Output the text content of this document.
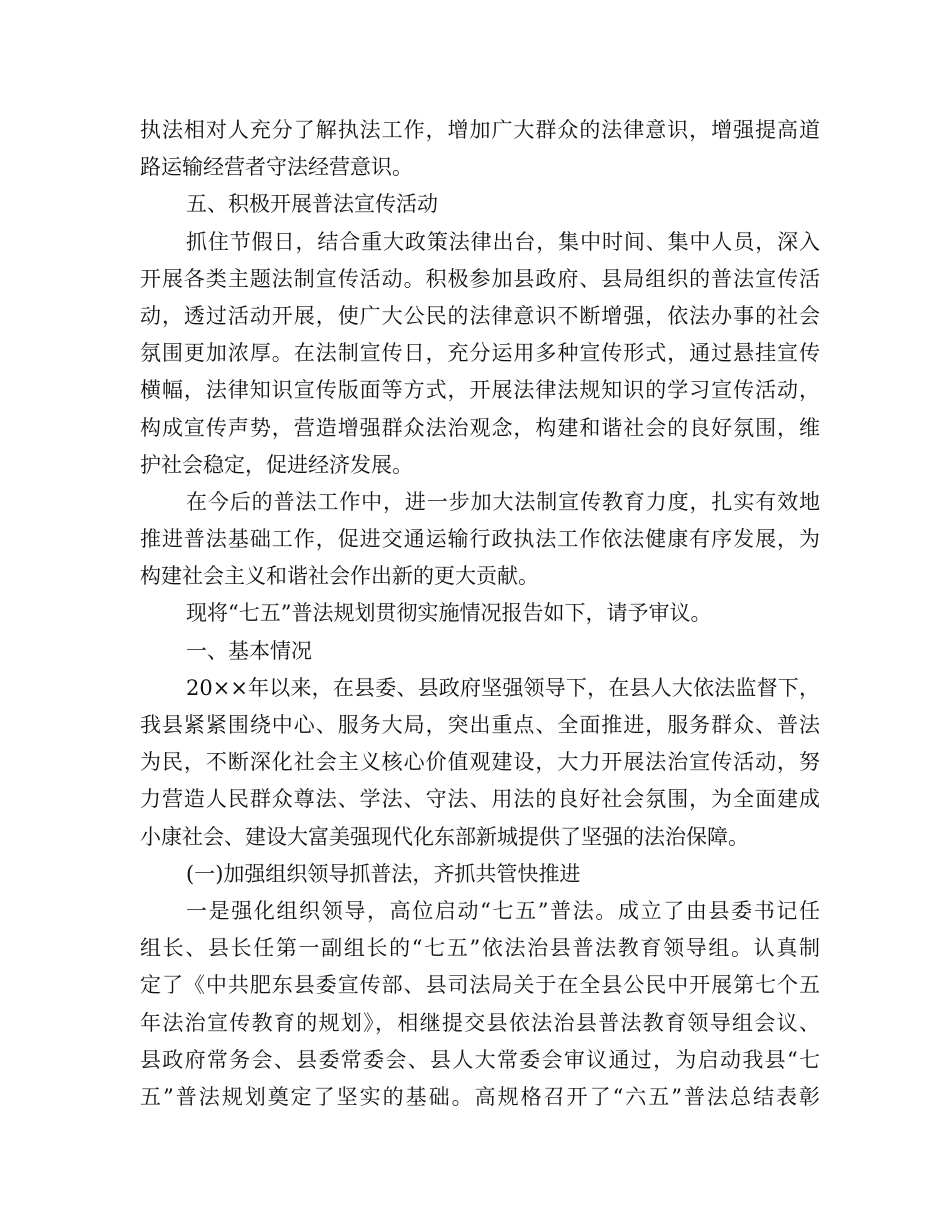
执法相对人充分了解执法工作，增加广大群众的法律意识，增强提高道
路运输经营者守法经营意识。
五、积极开展普法宣传活动
抓住节假日，结合重大政策法律出台，集中时间、集中人员，深入
开展各类主题法制宣传活动。积极参加县政府、县局组织的普法宣传活
动，透过活动开展，使广大公民的法律意识不断增强，依法办事的社会
氛围更加浓厚。在法制宣传日，充分运用多种宣传形式，通过悬挂宣传
横幅，法律知识宣传版面等方式，开展法律法规知识的学习宣传活动，
构成宣传声势，营造增强群众法治观念，构建和谐社会的良好氛围，维
护社会稳定，促进经济发展。
在今后的普法工作中，进一步加大法制宣传教育力度，扎实有效地
推进普法基础工作，促进交通运输行政执法工作依法健康有序发展，为
构建社会主义和谐社会作出新的更大贡献。
现将“七五”普法规划贯彻实施情况报告如下，请予审议。
一、基本情况
20××年以来，在县委、县政府坚强领导下，在县人大依法监督下，
我县紧紧围绕中心、服务大局，突出重点、全面推进，服务群众、普法
为民，不断深化社会主义核心价值观建设，大力开展法治宣传活动，努
力营造人民群众尊法、学法、守法、用法的良好社会氛围，为全面建成
小康社会、建设大富美强现代化东部新城提供了坚强的法治保障。
(一)加强组织领导抓普法，齐抓共管快推进
一是强化组织领导，高位启动“七五”普法。成立了由县委书记任
组长、县长任第一副组长的“七五”依法治县普法教育领导组。认真制
定了《中共肥东县委宣传部、县司法局关于在全县公民中开展第七个五
年法治宣传教育的规划》，相继提交县依法治县普法教育领导组会议、
县政府常务会、县委常委会、县人大常委会审议通过，为启动我县“七
五”普法规划奠定了坚实的基础。高规格召开了“六五”普法总结表彰
